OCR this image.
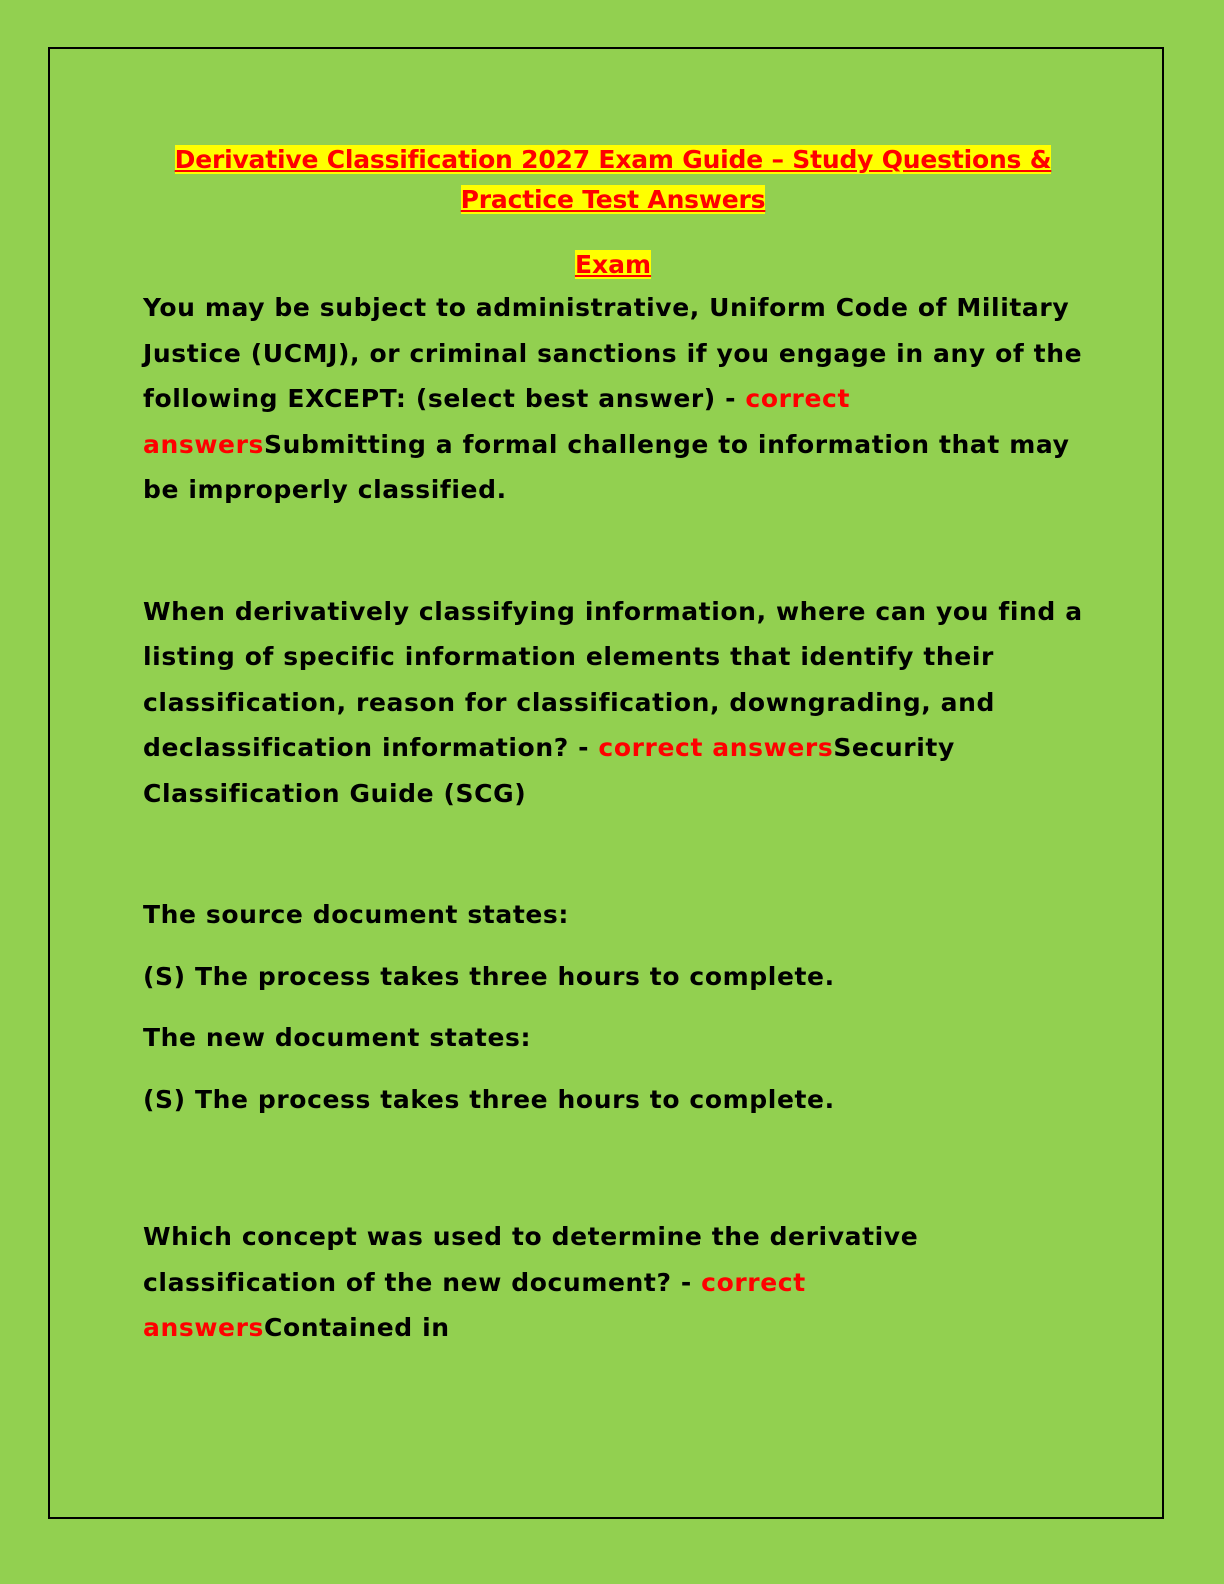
Derivative Classification 2027 Exam Guide – Study Questions & Practice Test Answers

Exam

You may be subject to administrative, Uniform Code of Military Justice (UCMJ), or criminal sanctions if you engage in any of the following EXCEPT: (select best answer) - correct answersSubmitting a formal challenge to information that may be improperly classified.

When derivatively classifying information, where can you find a listing of specific information elements that identify their classification, reason for classification, downgrading, and declassification information? - correct answersSecurity Classification Guide (SCG)

The source document states:

(S) The process takes three hours to complete.

The new document states:

(S) The process takes three hours to complete.

Which concept was used to determine the derivative classification of the new document? - correct answersContained in
